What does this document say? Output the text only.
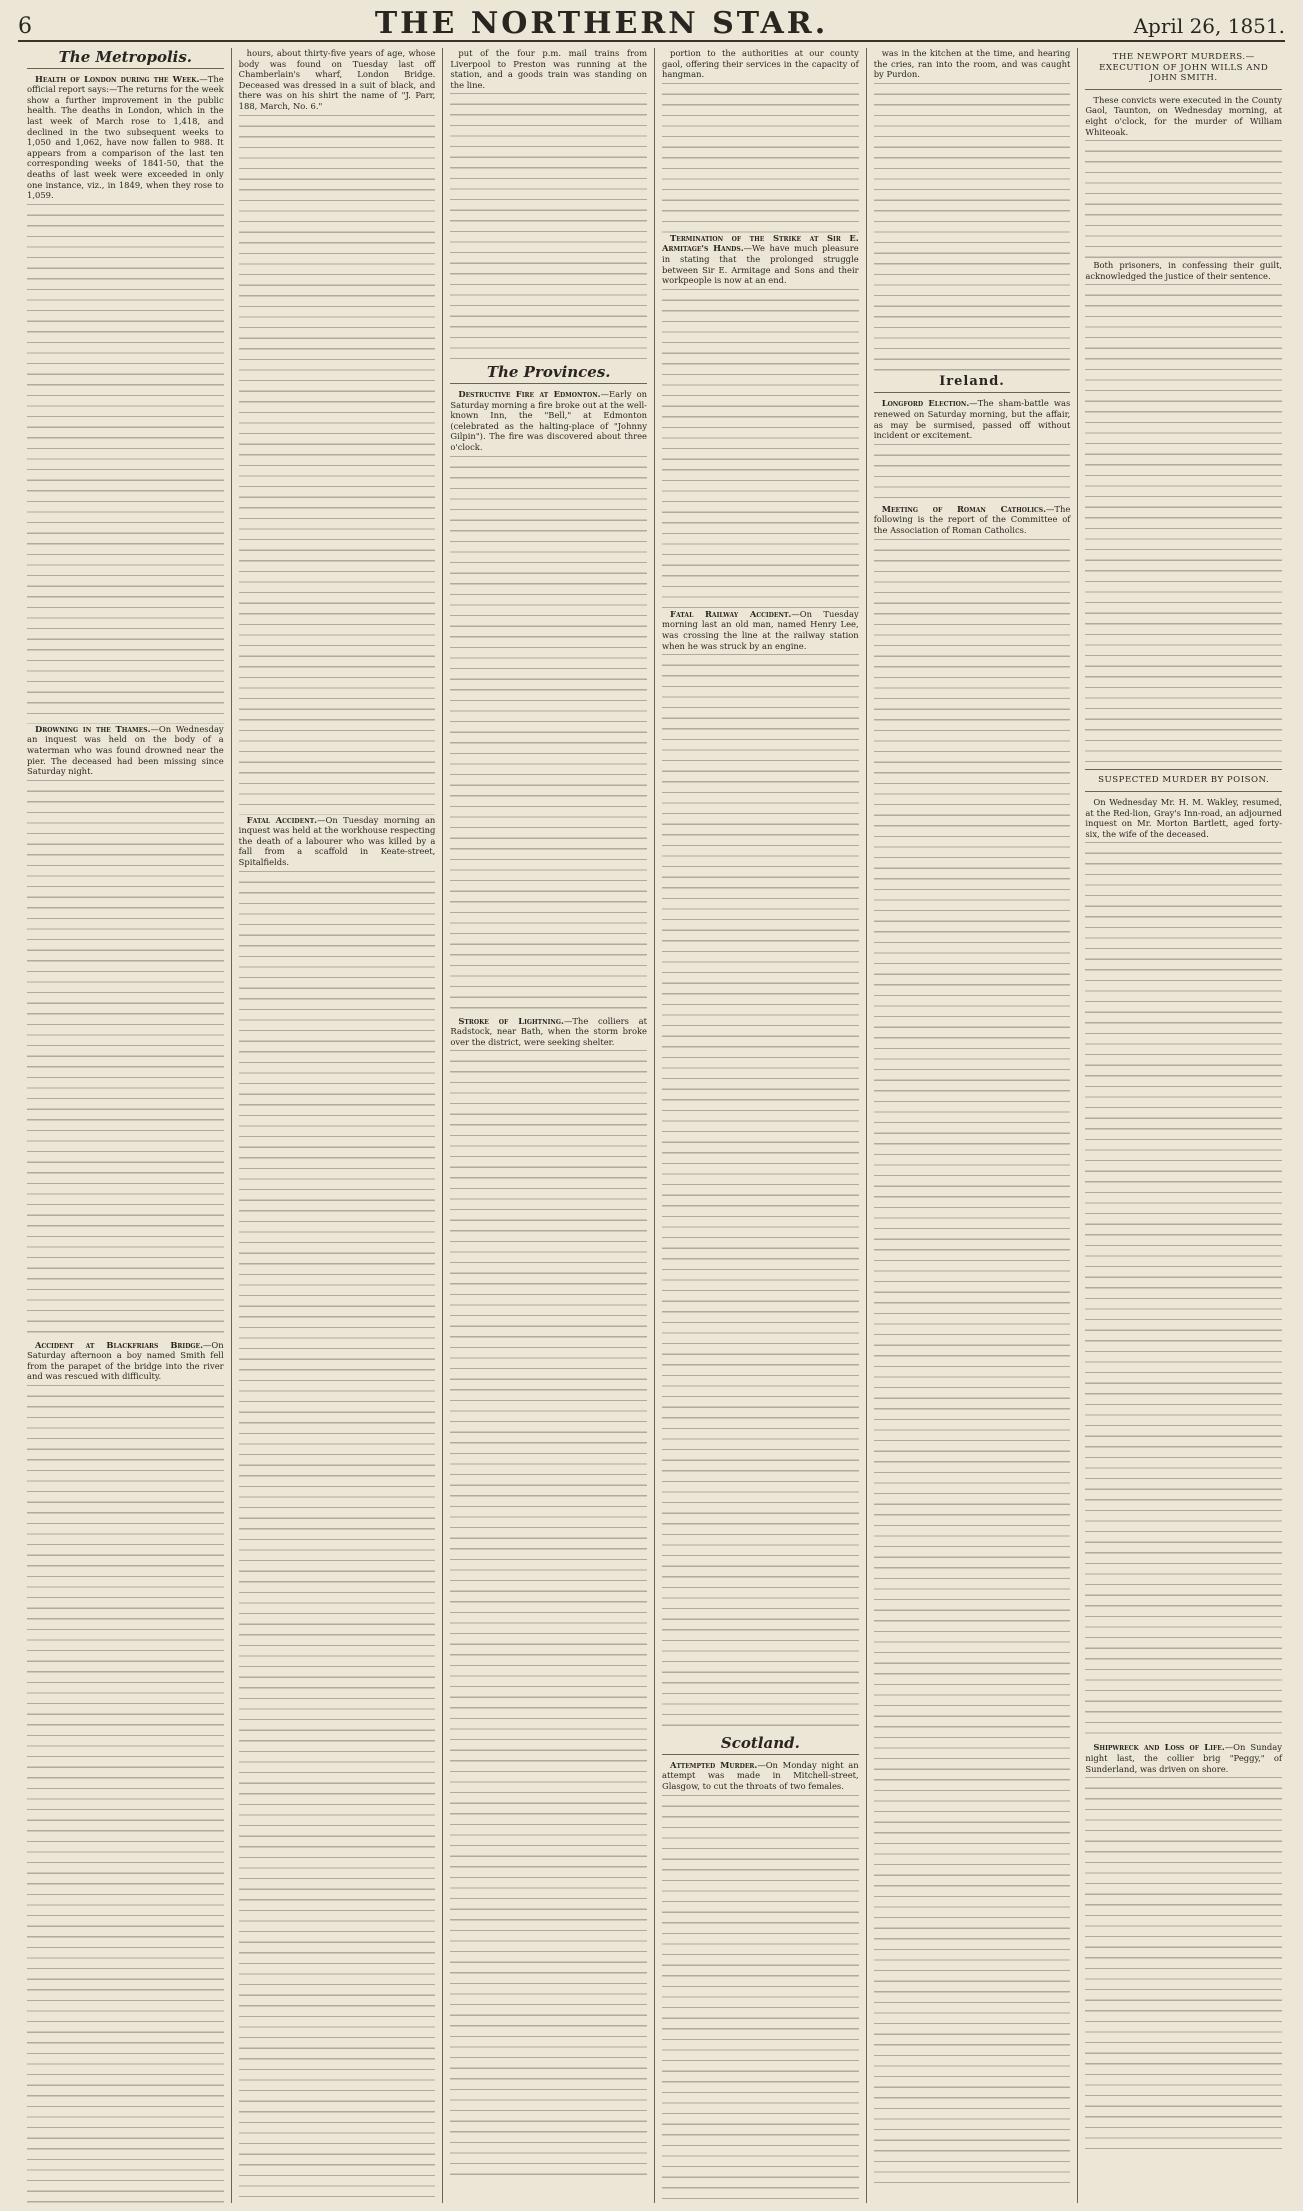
6	THE NORTHERN STAR.	April 26, 1851.
The Metropolis.

Health of London during the Week.—The official report says:—The returns for the week show a further improvement in the public health. The deaths in London, which in the last week of March rose to 1,418, and declined in the two subsequent weeks to 1,050 and 1,062, have now fallen to 988. It appears from a comparison of the last ten corresponding weeks of 1841-50, that the deaths of last week were exceeded in only one instance, viz., in 1849, when they rose to 1,059.

Drowning in the Thames.—On Wednesday an inquest was held on the body of a waterman who was found drowned near the pier. The deceased had been missing since Saturday night.

Accident at Blackfriars Bridge.—On Saturday afternoon a boy named Smith fell from the parapet of the bridge into the river and was rescued with difficulty.

hours, about thirty-five years of age, whose body was found on Tuesday last off Chamberlain's wharf, London Bridge. Deceased was dressed in a suit of black, and there was on his shirt the name of "J. Parr, 188, March, No. 6."

Fatal Accident.—On Tuesday morning an inquest was held at the workhouse respecting the death of a labourer who was killed by a fall from a scaffold in Keate-street, Spitalfields.

put of the four p.m. mail trains from Liverpool to Preston was running at the station, and a goods train was standing on the line.

The Provinces.

Destructive Fire at Edmonton.—Early on Saturday morning a fire broke out at the well-known Inn, the "Bell," at Edmonton (celebrated as the halting-place of "Johnny Gilpin"). The fire was discovered about three o'clock.

Stroke of Lightning.—The colliers at Radstock, near Bath, when the storm broke over the district, were seeking shelter.

portion to the authorities at our county gaol, offering their services in the capacity of hangman.

Termination of the Strike at Sir E. Armitage's Hands.—We have much pleasure in stating that the prolonged struggle between Sir E. Armitage and Sons and their workpeople is now at an end.

Fatal Railway Accident.—On Tuesday morning last an old man, named Henry Lee, was crossing the line at the railway station when he was struck by an engine.

Scotland.

Attempted Murder.—On Monday night an attempt was made in Mitchell-street, Glasgow, to cut the throats of two females.

was in the kitchen at the time, and hearing the cries, ran into the room, and was caught by Purdon.

Ireland.

Longford Election.—The sham-battle was renewed on Saturday morning, but the affair, as may be surmised, passed off without incident or excitement.

Meeting of Roman Catholics.—The following is the report of the Committee of the Association of Roman Catholics.

THE NEWPORT MURDERS.—EXECUTION OF JOHN WILLS AND JOHN SMITH.

These convicts were executed in the County Gaol, Taunton, on Wednesday morning, at eight o'clock, for the murder of William Whiteoak.

Both prisoners, in confessing their guilt, acknowledged the justice of their sentence.

SUSPECTED MURDER BY POISON.

On Wednesday Mr. H. M. Wakley, resumed, at the Red-lion, Gray's Inn-road, an adjourned inquest on Mr. Morton Bartlett, aged forty-six, the wife of the deceased.

Shipwreck and Loss of Life.—On Sunday night last, the collier brig "Peggy," of Sunderland, was driven on shore.
